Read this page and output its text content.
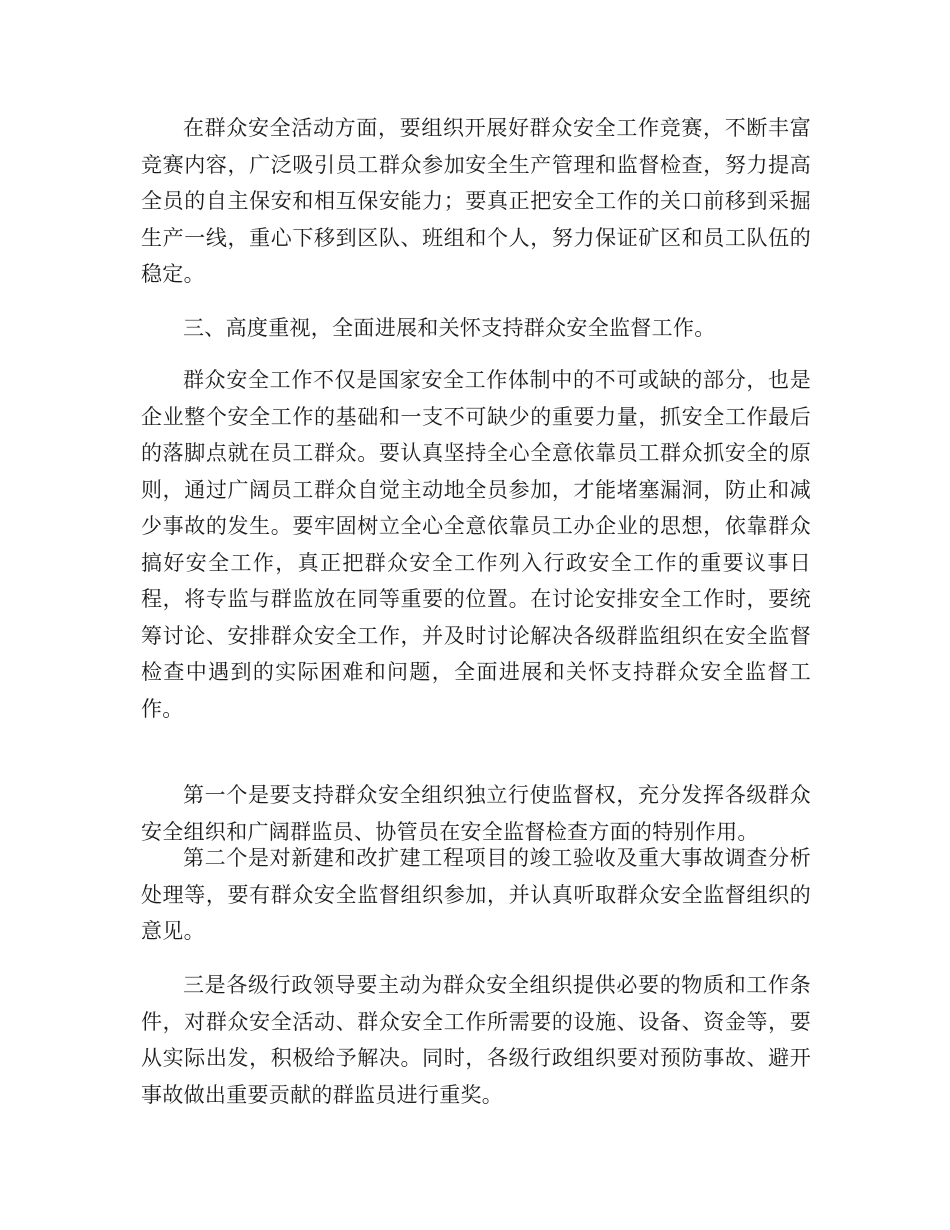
在群众安全活动方面，要组织开展好群众安全工作竞赛，不断丰富竞赛内容，广泛吸引员工群众参加安全生产管理和监督检查，努力提高全员的自主保安和相互保安能力；要真正把安全工作的关口前移到采掘生产一线，重心下移到区队、班组和个人，努力保证矿区和员工队伍的稳定。

三、高度重视，全面进展和关怀支持群众安全监督工作。

群众安全工作不仅是国家安全工作体制中的不可或缺的部分，也是企业整个安全工作的基础和一支不可缺少的重要力量，抓安全工作最后的落脚点就在员工群众。要认真坚持全心全意依靠员工群众抓安全的原则，通过广阔员工群众自觉主动地全员参加，才能堵塞漏洞，防止和减少事故的发生。要牢固树立全心全意依靠员工办企业的思想，依靠群众搞好安全工作，真正把群众安全工作列入行政安全工作的重要议事日程，将专监与群监放在同等重要的位置。在讨论安排安全工作时，要统筹讨论、安排群众安全工作，并及时讨论解决各级群监组织在安全监督检查中遇到的实际困难和问题，全面进展和关怀支持群众安全监督工作。

第一个是要支持群众安全组织独立行使监督权，充分发挥各级群众安全组织和广阔群监员、协管员在安全监督检查方面的特别作用。

第二个是对新建和改扩建工程项目的竣工验收及重大事故调查分析处理等，要有群众安全监督组织参加，并认真听取群众安全监督组织的意见。

三是各级行政领导要主动为群众安全组织提供必要的物质和工作条件，对群众安全活动、群众安全工作所需要的设施、设备、资金等，要从实际出发，积极给予解决。同时，各级行政组织要对预防事故、避开事故做出重要贡献的群监员进行重奖。
